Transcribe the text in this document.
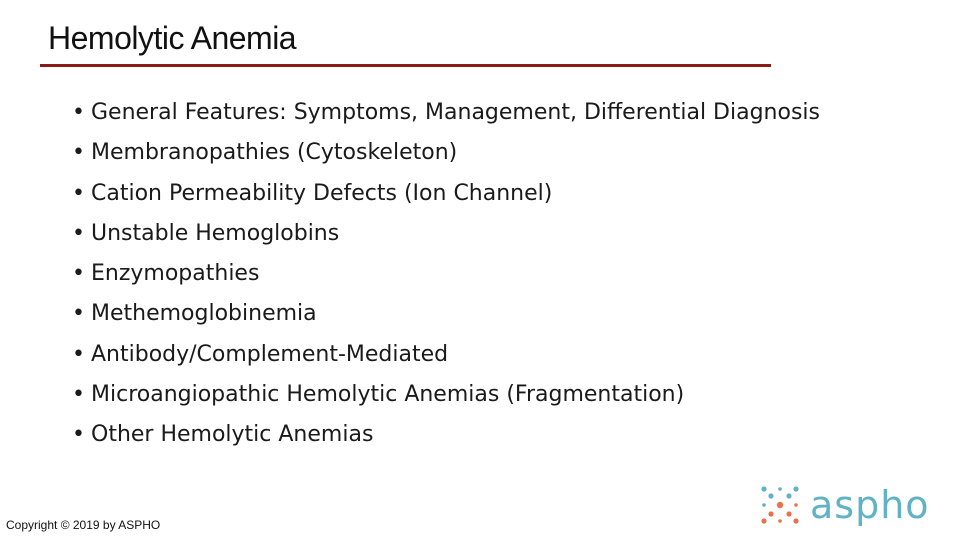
Hemolytic Anemia
• General Features: Symptoms, Management, Differential Diagnosis
• Membranopathies (Cytoskeleton)
• Cation Permeability Defects (Ion Channel)
• Unstable Hemoglobins
• Enzymopathies
• Methemoglobinemia
• Antibody/Complement-Mediated
• Microangiopathic Hemolytic Anemias (Fragmentation)
• Other Hemolytic Anemias
Copyright © 2019 by ASPHO	aspho
